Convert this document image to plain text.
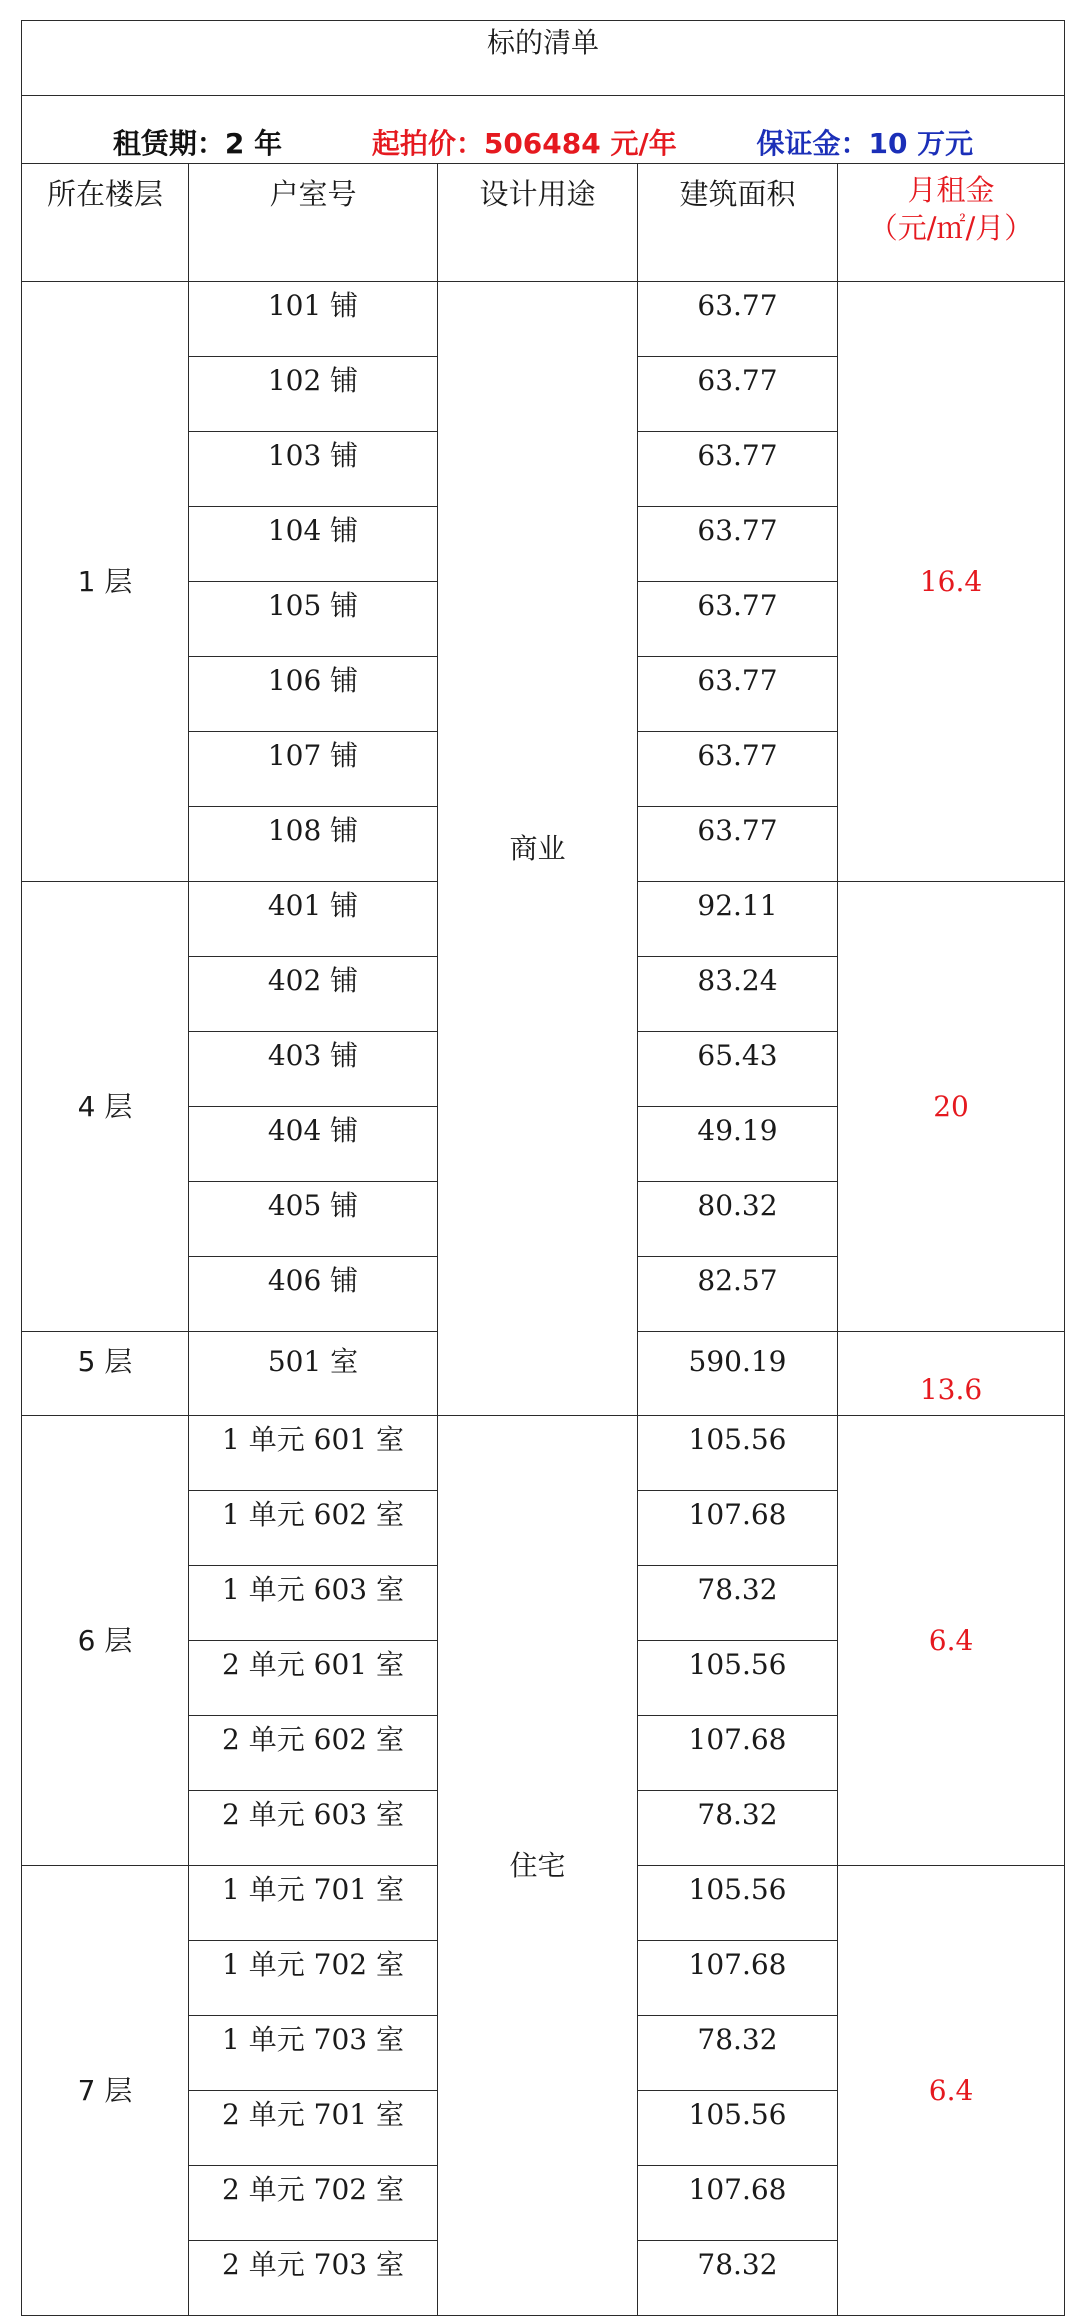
标的清单				
租赁期：2 年 起拍价：506484 元/年 保证金：10 万元				
所在楼层	户室号	设计用途	建筑面积	月租金
（元/㎡/月）

1 层	101 铺	商业	63.77	16.4
	102 铺		63.77	
	103 铺		63.77	
	104 铺		63.77	
	105 铺		63.77	
	106 铺		63.77	
	107 铺		63.77	
	108 铺		63.77	
4 层	401 铺		92.11	20
	402 铺		83.24	
	403 铺		65.43	
	404 铺		49.19	
	405 铺		80.32	
	406 铺		82.57	
5 层	501 室		590.19	13.6
6 层	1 单元 601 室	住宅	105.56	6.4
	1 单元 602 室		107.68	
	1 单元 603 室		78.32	
	2 单元 601 室		105.56	
	2 单元 602 室		107.68	
	2 单元 603 室		78.32	
7 层	1 单元 701 室		105.56	6.4
	1 单元 702 室		107.68	
	1 单元 703 室		78.32	
	2 单元 701 室		105.56	
	2 单元 702 室		107.68	
	2 单元 703 室		78.32	
